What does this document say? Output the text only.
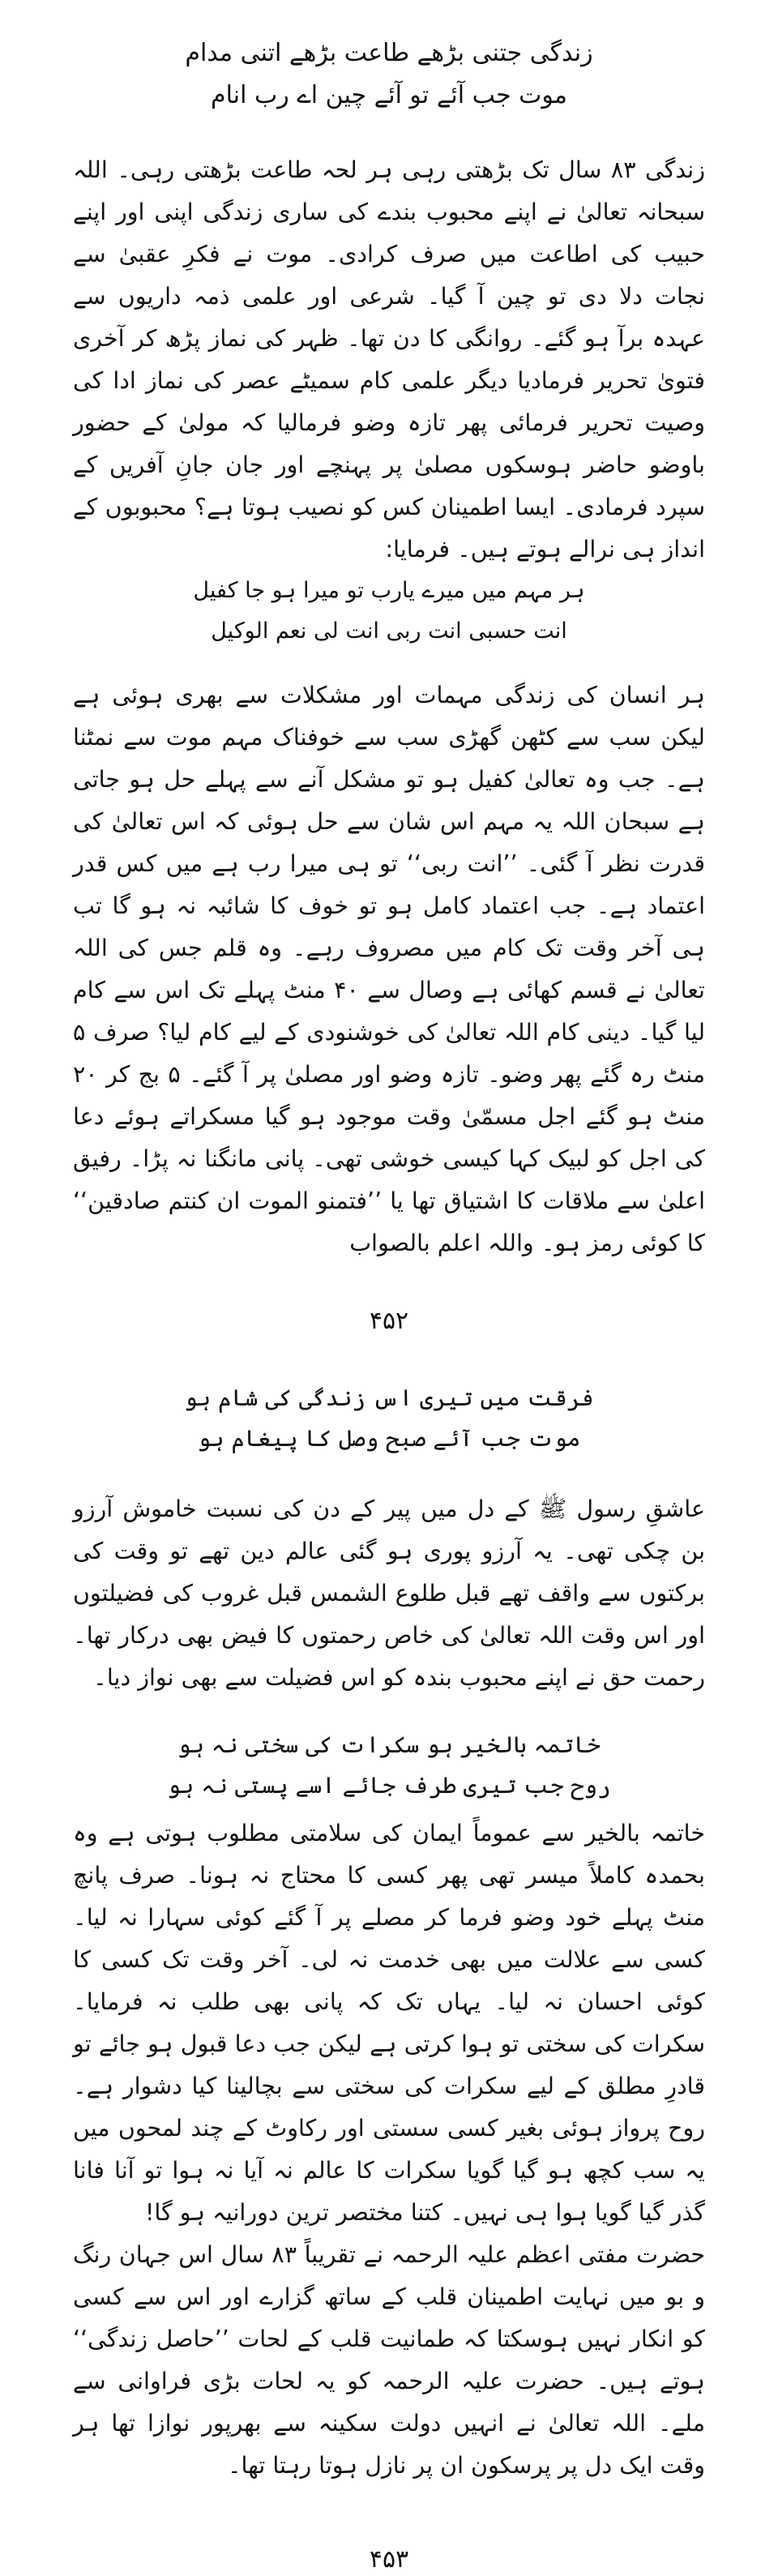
زندگی جتنی بڑھے طاعت بڑھے اتنی مدام
موت جب آئے تو آئے چین اے رب انام
زندگی ۸۳ سال تک بڑھتی رہی ہر لحہ طاعت بڑھتی رہی۔ اللہ سبحانہ تعالیٰ نے اپنے محبوب بندے کی ساری زندگی اپنی اور اپنے حبیب کی اطاعت میں صرف کرادی۔ موت نے فکرِ عقبیٰ سے نجات دلا دی تو چین آ گیا۔ شرعی اور علمی ذمہ داریوں سے عہدہ برآ ہو گئے۔ روانگی کا دن تھا۔ ظہر کی نماز پڑھ کر آخری فتویٰ تحریر فرمادیا دیگر علمی کام سمیٹے عصر کی نماز ادا کی وصیت تحریر فرمائی پھر تازہ وضو فرمالیا کہ مولیٰ کے حضور باوضو حاضر ہوسکوں مصلیٰ پر پہنچے اور جان جانِ آفریں کے سپرد فرمادی۔ ایسا اطمینان کس کو نصیب ہوتا ہے؟ محبوبوں کے انداز ہی نرالے ہوتے ہیں۔ فرمایا:
ہر مہم میں میرے یارب تو میرا ہو جا کفیل
انت حسبی انت ربی انت لی نعم الوکیل
ہر انسان کی زندگی مہمات اور مشکلات سے بھری ہوئی ہے لیکن سب سے کٹھن گھڑی سب سے خوفناک مہم موت سے نمٹنا ہے۔ جب وہ تعالیٰ کفیل ہو تو مشکل آنے سے پہلے حل ہو جاتی ہے سبحان اللہ یہ مہم اس شان سے حل ہوئی کہ اس تعالیٰ کی قدرت نظر آ گئی۔ ’’انت ربی‘‘ تو ہی میرا رب ہے میں کس قدر اعتماد ہے۔ جب اعتماد کامل ہو تو خوف کا شائبہ نہ ہو گا تب ہی آخر وقت تک کام میں مصروف رہے۔ وہ قلم جس کی اللہ تعالیٰ نے قسم کھائی ہے وصال سے ۴۰ منٹ پہلے تک اس سے کام لیا گیا۔ دینی کام اللہ تعالیٰ کی خوشنودی کے لیے کام لیا؟ صرف ۵ منٹ رہ گئے پھر وضو۔ تازہ وضو اور مصلیٰ پر آ گئے۔ ۵ بج کر ۲۰ منٹ ہو گئے اجل مسمّیٰ وقت موجود ہو گیا مسکراتے ہوئے دعا کی اجل کو لبیک کہا کیسی خوشی تھی۔ پانی مانگنا نہ پڑا۔ رفیق اعلیٰ سے ملاقات کا اشتیاق تھا یا ’’فتمنو الموت ان کنتم صادقین‘‘ کا کوئی رمز ہو۔ واللہ اعلم بالصواب
۴۵۲
فرقت میں تیری اس زندگی کی شام ہو
موت جب آئے صبح وصل کا پیغام ہو
عاشقِ رسول ﷺ کے دل میں پیر کے دن کی نسبت خاموش آرزو بن چکی تھی۔ یہ آرزو پوری ہو گئی عالم دین تھے تو وقت کی برکتوں سے واقف تھے قبل طلوع الشمس قبل غروب کی فضیلتوں اور اس وقت اللہ تعالیٰ کی خاص رحمتوں کا فیض بھی درکار تھا۔ رحمت حق نے اپنے محبوب بندہ کو اس فضیلت سے بھی نواز دیا۔
خاتمہ بالخیر ہو سکرات کی سختی نہ ہو
روح جب تیری طرف جائے اسے پستی نہ ہو
خاتمہ بالخیر سے عموماً ایمان کی سلامتی مطلوب ہوتی ہے وہ بحمدہ کاملاً میسر تھی پھر کسی کا محتاج نہ ہونا۔ صرف پانچ منٹ پہلے خود وضو فرما کر مصلے پر آ گئے کوئی سہارا نہ لیا۔ کسی سے علالت میں بھی خدمت نہ لی۔ آخر وقت تک کسی کا کوئی احسان نہ لیا۔ یہاں تک کہ پانی بھی طلب نہ فرمایا۔ سکرات کی سختی تو ہوا کرتی ہے لیکن جب دعا قبول ہو جائے تو قادرِ مطلق کے لیے سکرات کی سختی سے بچالینا کیا دشوار ہے۔ روح پرواز ہوئی بغیر کسی سستی اور رکاوٹ کے چند لمحوں میں یہ سب کچھ ہو گیا گویا سکرات کا عالم نہ آیا نہ ہوا تو آنا فانا گذر گیا گویا ہوا ہی نہیں۔ کتنا مختصر ترین دورانیہ ہو گا!
حضرت مفتی اعظم علیہ الرحمہ نے تقریباً ۸۳ سال اس جہان رنگ و بو میں نہایت اطمینان قلب کے ساتھ گزارے اور اس سے کسی کو انکار نہیں ہوسکتا کہ طمانیت قلب کے لحات ’’حاصل زندگی‘‘ ہوتے ہیں۔ حضرت علیہ الرحمہ کو یہ لحات بڑی فراوانی سے ملے۔ اللہ تعالیٰ نے انہیں دولت سکینہ سے بھرپور نوازا تھا ہر وقت ایک دل پر پرسکون ان پر نازل ہوتا رہتا تھا۔
۴۵۳
